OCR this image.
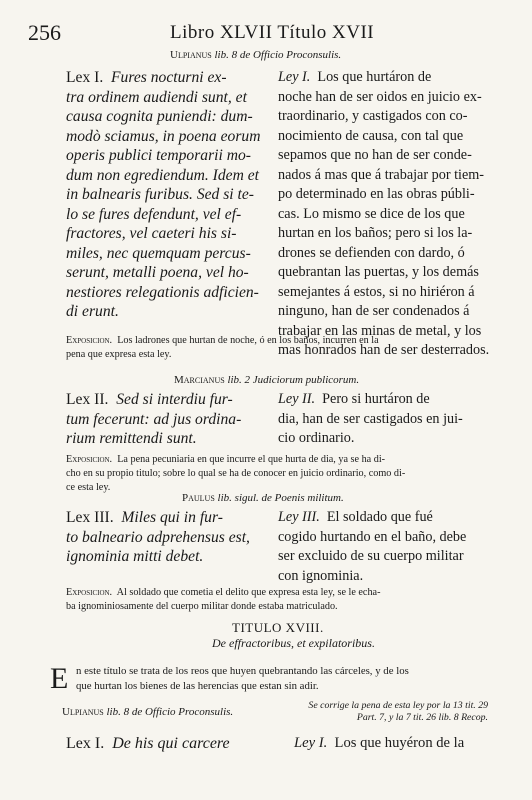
256	Libro XLVII Título XVII
Ulpianus lib. 8 de Officio Proconsulis.
Lex I. Fures nocturni ex-
tra ordinem audiendi sunt, et
causa cognita puniendi: dum-
modò sciamus, in poena eorum
operis publici temporarii mo-
dum non egrediendum. Idem et
in balnearis furibus. Sed si te-
lo se fures defendunt, vel ef-
fractores, vel caeteri his si-
miles, nec quemquam percus-
serunt, metalli poena, vel ho-
nestiores relegationis adficien-
di erunt.
Ley I. Los que hurtáron de
noche han de ser oidos en juicio ex-
traordinario, y castigados con co-
nocimiento de causa, con tal que
sepamos que no han de ser conde-
nados á mas que á trabajar por tiem-
po determinado en las obras públi-
cas. Lo mismo se dice de los que
hurtan en los baños; pero si los la-
drones se defienden con dardo, ó
quebrantan las puertas, y los demás
semejantes á estos, si no hiriéron á
ninguno, han de ser condenados á
trabajar en las minas de metal, y los
mas honrados han de ser desterrados.
Exposicion. Los ladrones que hurtan de noche, ó en los baños, incurren en la
pena que expresa esta ley.
Marcianus lib. 2 Judiciorum publicorum.
Lex II. Sed si interdiu fur-
tum fecerunt: ad jus ordina-
rium remittendi sunt.
Ley II. Pero si hurtáron de
dia, han de ser castigados en jui-
cio ordinario.
Exposicion. La pena pecuniaria en que incurre el que hurta de dia, ya se ha di-
cho en su propio titulo; sobre lo qual se ha de conocer en juicio ordinario, como di-
ce esta ley.
Paulus lib. sigul. de Poenis militum.
Lex III. Miles qui in fur-
to balneario adprehensus est,
ignominia mitti debet.
Ley III. El soldado que fué
cogido hurtando en el baño, debe
ser excluido de su cuerpo militar
con ignominia.
Exposicion. Al soldado que cometia el delito que expresa esta ley, se le echa-
ba ignominiosamente del cuerpo militar donde estaba matriculado.
TITULO XVIII.
De effractoribus, et expilatoribus.
E n este título se trata de los reos que huyen quebrantando las cárceles, y de los
que hurtan los bienes de las herencias que estan sin adir.
Ulpianus lib. 8 de Officio Proconsulis.
Se corrige la pena de esta ley por la 13 tit. 29
Part. 7, y la 7 tit. 26 lib. 8 Recop.
Lex I. De his qui carcere	Ley I. Los que huyéron de la
